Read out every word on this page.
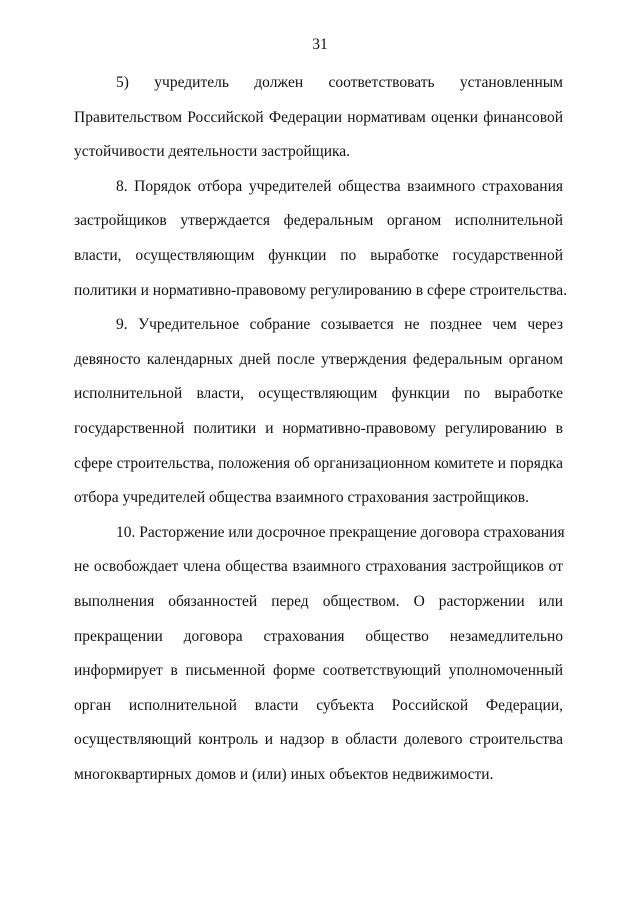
31
5) учредитель должен соответствовать установленным
Правительством Российской Федерации нормативам оценки финансовой
устойчивости деятельности застройщика.
8. Порядок отбора учредителей общества взаимного страхования
застройщиков утверждается федеральным органом исполнительной
власти, осуществляющим функции по выработке государственной
политики и нормативно-правовому регулированию в сфере строительства.
9. Учредительное собрание созывается не позднее чем через
девяносто календарных дней после утверждения федеральным органом
исполнительной власти, осуществляющим функции по выработке
государственной политики и нормативно-правовому регулированию в
сфере строительства, положения об организационном комитете и порядка
отбора учредителей общества взаимного страхования застройщиков.
10. Расторжение или досрочное прекращение договора страхования
не освобождает члена общества взаимного страхования застройщиков от
выполнения обязанностей перед обществом. О расторжении или
прекращении договора страхования общество незамедлительно
информирует в письменной форме соответствующий уполномоченный
орган исполнительной власти субъекта Российской Федерации,
осуществляющий контроль и надзор в области долевого строительства
многоквартирных домов и (или) иных объектов недвижимости.
